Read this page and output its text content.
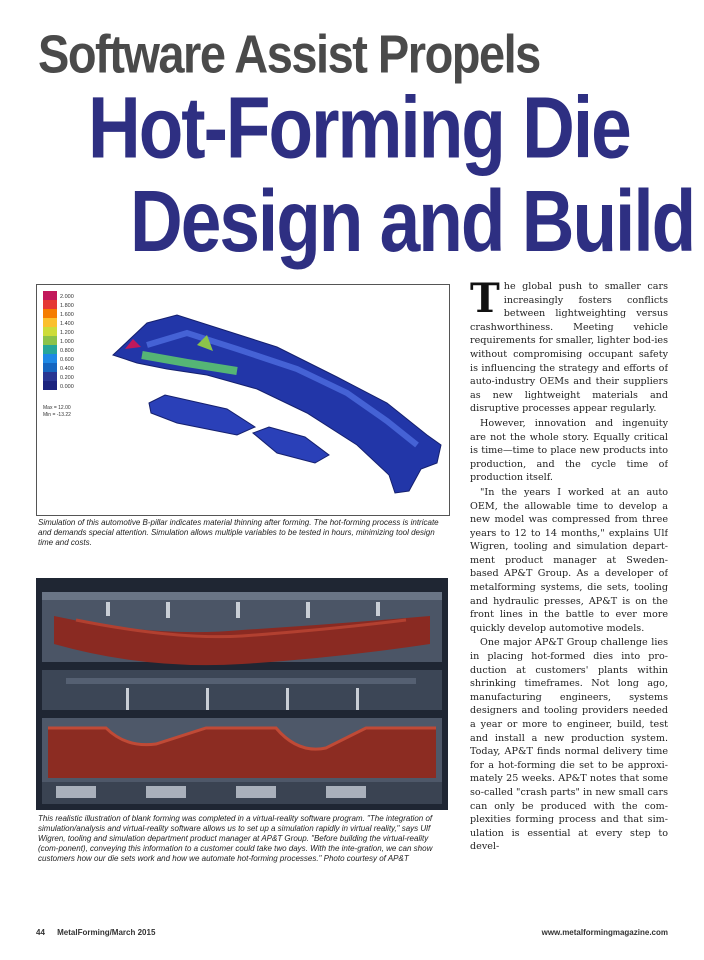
Software Assist Propels
Hot-Forming Die
Design and Build
2.000
1.800
1.600
1.400
1.200
1.000
0.800
0.600
0.400
0.200
0.000
Max = 12.00
Min = -13.22
Simulation of this automotive B-pillar indicates material thinning after forming. The hot-forming process is intricate and demands special attention. Simulation allows multiple variables to be tested in hours, minimizing tool design time and costs.
This realistic illustration of blank forming was completed in a virtual-reality software program. "The integration of simulation/analysis and virtual-reality software allows us to set up a simulation rapidly in virtual reality," says Ulf Wigren, tooling and simulation department product manager at AP&T Group. "Before building the virtual-reality (com-ponent), conveying this information to a customer could take two days. With the inte-gration, we can show customers how our die sets work and how we automate hot-forming processes." Photo courtesy of AP&T

The global push to smaller cars increasingly fosters conflicts between lightweighting versus crashworthiness. Meeting vehicle requirements for smaller, lighter bod-ies without compromising occupant safety is influencing the strategy and efforts of auto-industry OEMs and their suppliers as new lightweight materials and disruptive processes appear regularly.

However, innovation and ingenuity are not the whole story. Equally critical is time—time to place new products into production, and the cycle time of production itself.

"In the years I worked at an auto OEM, the allowable time to develop a new model was compressed from three years to 12 to 14 months," explains Ulf Wigren, tooling and simulation depart-ment product manager at Sweden-based AP&T Group. As a developer of metalforming systems, die sets, tooling and hydraulic presses, AP&T is on the front lines in the battle to ever more quickly develop automotive models.

One major AP&T Group challenge lies in placing hot-formed dies into pro-duction at customers' plants within shrinking timeframes. Not long ago, manufacturing engineers, systems designers and tooling providers needed a year or more to engineer, build, test and install a new production system. Today, AP&T finds normal delivery time for a hot-forming die set to be approxi-mately 25 weeks. AP&T notes that some so-called "crash parts" in new small cars can only be produced with the com-plexities forming process and that sim-ulation is essential at every step to devel-

44 MetalForming/March 2015	www.metalformingmagazine.com
